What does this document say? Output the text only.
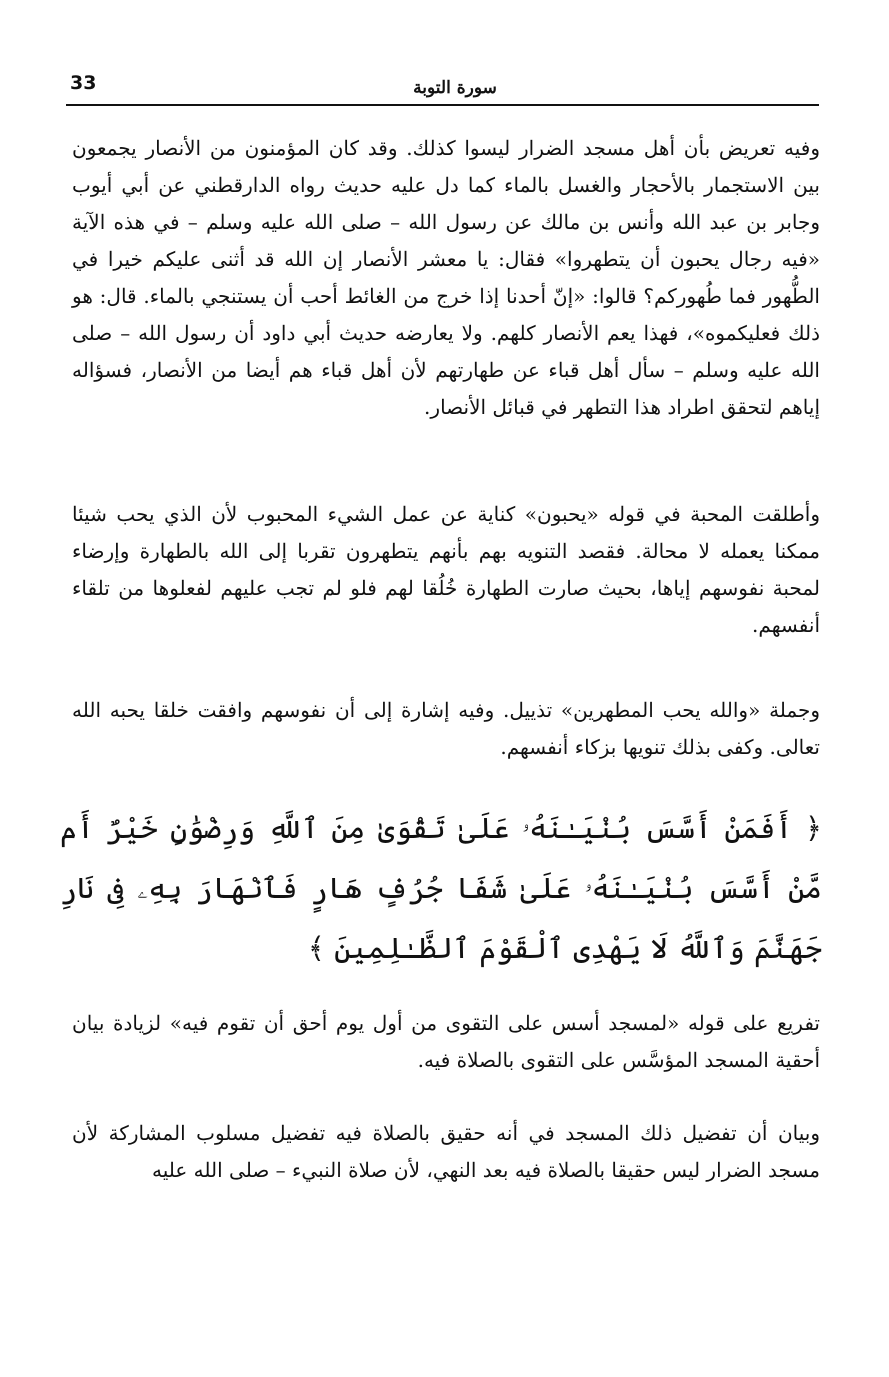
33	سورة التوبة

وفيه تعريض بأن أهل مسجد الضرار ليسوا كذلك. وقد كان المؤمنون من الأنصار يجمعون بين الاستجمار بالأحجار والغسل بالماء كما دل عليه حديث رواه الدارقطني عن أبي أيوب وجابر بن عبد الله وأنس بن مالك عن رسول الله – صلى الله عليه وسلم – في هذه الآية «فيه رجال يحبون أن يتطهروا» فقال: يا معشر الأنصار إن الله قد أثنى عليكم خيرا في الطُّهور فما طُهوركم؟ قالوا: «إنّ أحدنا إذا خرج من الغائط أحب أن يستنجي بالماء. قال: هو ذلك فعليكموه»، فهذا يعم الأنصار كلهم. ولا يعارضه حديث أبي داود أن رسول الله – صلى الله عليه وسلم – سأل أهل قباء عن طهارتهم لأن أهل قباء هم أيضا من الأنصار، فسؤاله إياهم لتحقق اطراد هذا التطهر في قبائل الأنصار.

وأطلقت المحبة في قوله «يحبون» كناية عن عمل الشيء المحبوب لأن الذي يحب شيئا ممكنا يعمله لا محالة. فقصد التنويه بهم بأنهم يتطهرون تقربا إلى الله بالطهارة وإرضاء لمحبة نفوسهم إياها، بحيث صارت الطهارة خُلُقا لهم فلو لم تجب عليهم لفعلوها من تلقاء أنفسهم.

وجملة «والله يحب المطهرين» تذييل. وفيه إشارة إلى أن نفوسهم وافقت خلقا يحبه الله تعالى. وكفى بذلك تنويها بزكاء أنفسهم.

﴿ أَفَمَنْ أَسَّسَ بُنْيَـٰنَهُۥ عَلَىٰ تَقْوَىٰ مِنَ ٱللَّهِ وَرِضْوَٰنٍ خَيْرٌ أَم مَّنْ أَسَّسَ بُنْيَـٰنَهُۥ عَلَىٰ شَفَا جُرُفٍ هَارٍ فَٱنْهَارَ بِهِۦ فِى نَارِ جَهَنَّمَ وَٱللَّهُ لَا يَهْدِى ٱلْقَوْمَ ٱلظَّـٰلِمِينَ ﴾

تفريع على قوله «لمسجد أسس على التقوى من أول يوم أحق أن تقوم فيه» لزيادة بيان أحقية المسجد المؤسَّس على التقوى بالصلاة فيه.

وبيان أن تفضيل ذلك المسجد في أنه حقيق بالصلاة فيه تفضيل مسلوب المشاركة لأن مسجد الضرار ليس حقيقا بالصلاة فيه بعد النهي، لأن صلاة النبيء – صلى الله عليه
